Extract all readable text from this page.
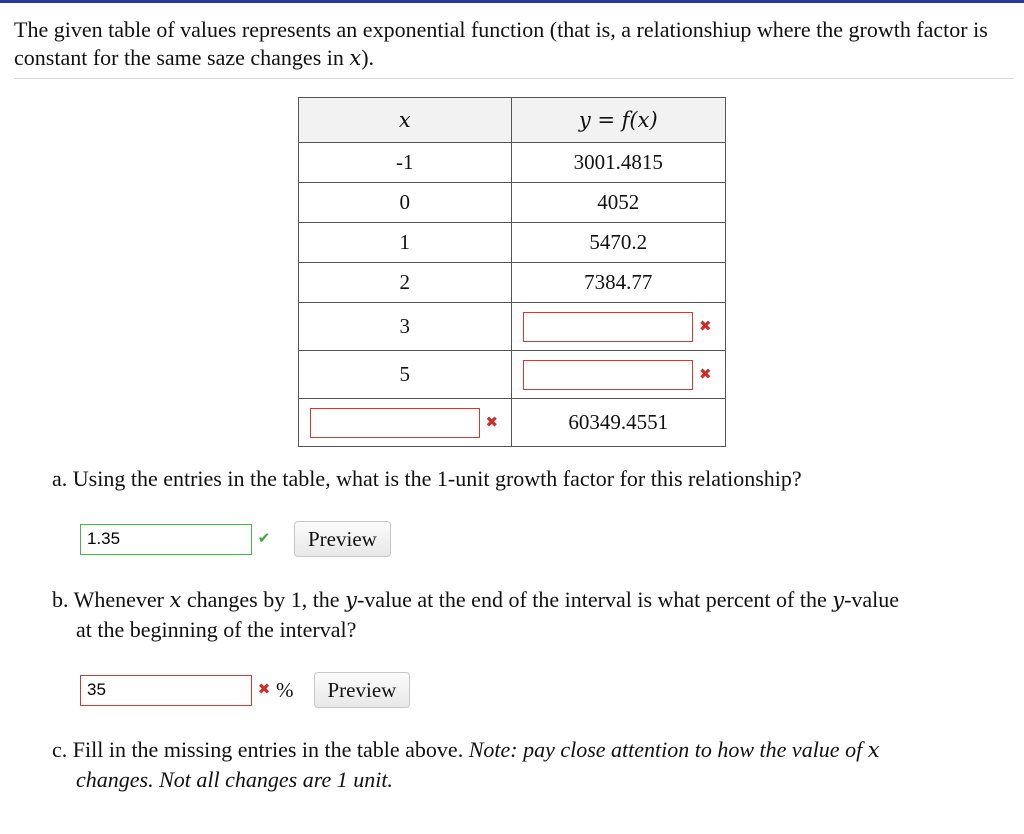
The given table of values represents an exponential function (that is, a relationshiup where the growth factor is constant for the same saze changes in x).
x	y = f(x)
-1	3001.4815
0	4052
1	5470.2
2	7384.77
3	✖

5	✖

✖	60349.4551
a. Using the entries in the table, what is the 1-unit growth factor for this relationship?
1.35
✔	Preview
b. Whenever x changes by 1, the y-value at the end of the interval is what percent of the y-value
at the beginning of the interval?
35
✖ %	Preview
c. Fill in the missing entries in the table above. Note: pay close attention to how the value of x
changes. Not all changes are 1 unit.
